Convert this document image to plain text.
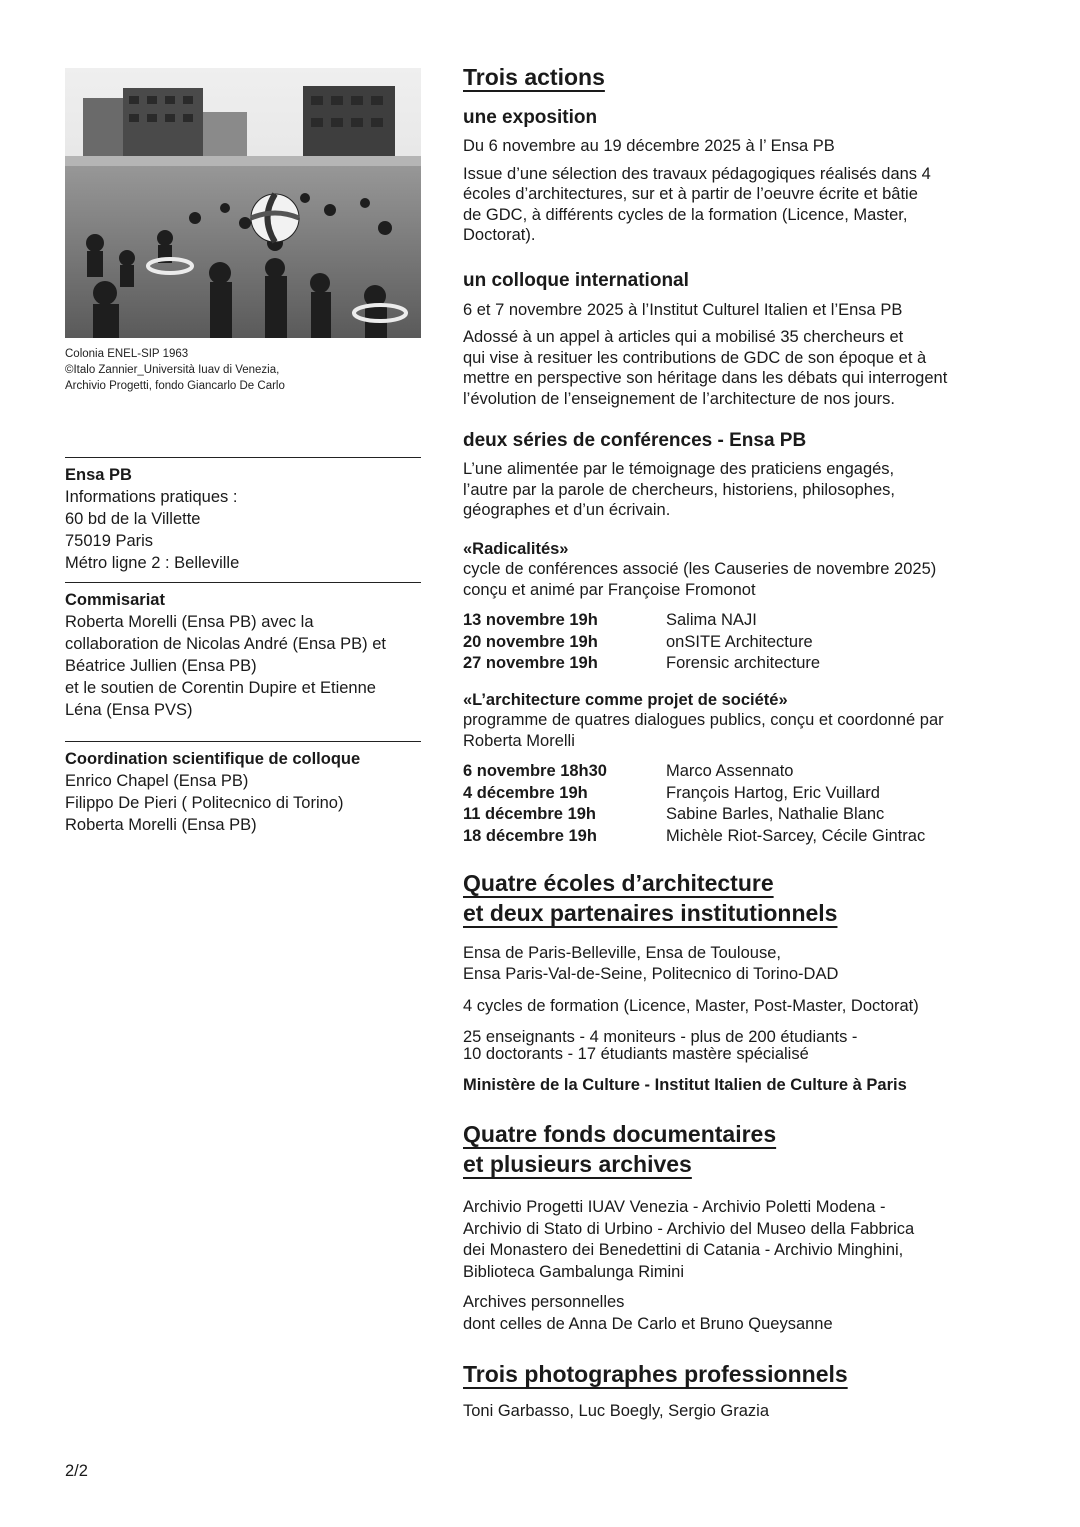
Colonia ENEL-SIP 1963
©Italo Zannier_Università Iuav di Venezia,
Archivio Progetti, fondo Giancarlo De Carlo
Ensa PB
Informations pratiques :
60 bd de la Villette
75019 Paris
Métro ligne 2 : Belleville
Commisariat
Roberta Morelli (Ensa PB) avec la
collaboration de Nicolas André (Ensa PB) et
Béatrice Jullien (Ensa PB)
et le soutien de Corentin Dupire et Etienne
Léna (Ensa PVS)
Coordination scientifique de colloque
Enrico Chapel (Ensa PB)
Filippo De Pieri ( Politecnico di Torino)
Roberta Morelli (Ensa PB)
Trois actions
une exposition
Du 6 novembre au 19 décembre 2025 à l’ Ensa PB
Issue d’une sélection des travaux pédagogiques réalisés dans 4
écoles d’architectures, sur et à partir de l’oeuvre écrite et bâtie
de GDC, à différents cycles de la formation (Licence, Master,
Doctorat).
un colloque international
6 et 7 novembre 2025 à l’Institut Culturel Italien et l’Ensa PB
Adossé à un appel à articles qui a mobilisé 35 chercheurs et
qui vise à resituer les contributions de GDC de son époque et à
mettre en perspective son héritage dans les débats qui interrogent
l’évolution de l’enseignement de l’architecture de nos jours.
deux séries de conférences - Ensa PB
L’une alimentée par le témoignage des praticiens engagés,
l’autre par la parole de chercheurs, historiens, philosophes,
géographes et d’un écrivain.
«Radicalités»
cycle de conférences associé (les Causeries de novembre 2025)
conçu et animé par Françoise Fromonot
13 novembre 19h	Salima NAJI
20 novembre 19h	onSITE Architecture
27 novembre 19h	Forensic architecture
«L’architecture comme projet de société»
programme de quatres dialogues publics, conçu et coordonné par
Roberta Morelli
6 novembre 18h30	Marco Assennato
4 décembre 19h	François Hartog, Eric Vuillard
11 décembre 19h	Sabine Barles, Nathalie Blanc
18 décembre 19h	Michèle Riot-Sarcey, Cécile Gintrac
Quatre écoles d’architecture
et deux partenaires institutionnels
Ensa de Paris-Belleville, Ensa de Toulouse,
Ensa Paris-Val-de-Seine, Politecnico di Torino-DAD
4 cycles de formation (Licence, Master, Post-Master, Doctorat)
25 enseignants - 4 moniteurs - plus de 200 étudiants -
10 doctorants - 17 étudiants mastère spécialisé
Ministère de la Culture - Institut Italien de Culture à Paris
Quatre fonds documentaires
et plusieurs archives
Archivio Progetti IUAV Venezia - Archivio Poletti Modena -
Archivio di Stato di Urbino - Archivio del Museo della Fabbrica
dei Monastero dei Benedettini di Catania - Archivio Minghini,
Biblioteca Gambalunga Rimini
Archives personnelles
dont celles de Anna De Carlo et Bruno Queysanne
Trois photographes professionnels
Toni Garbasso, Luc Boegly, Sergio Grazia
2/2
